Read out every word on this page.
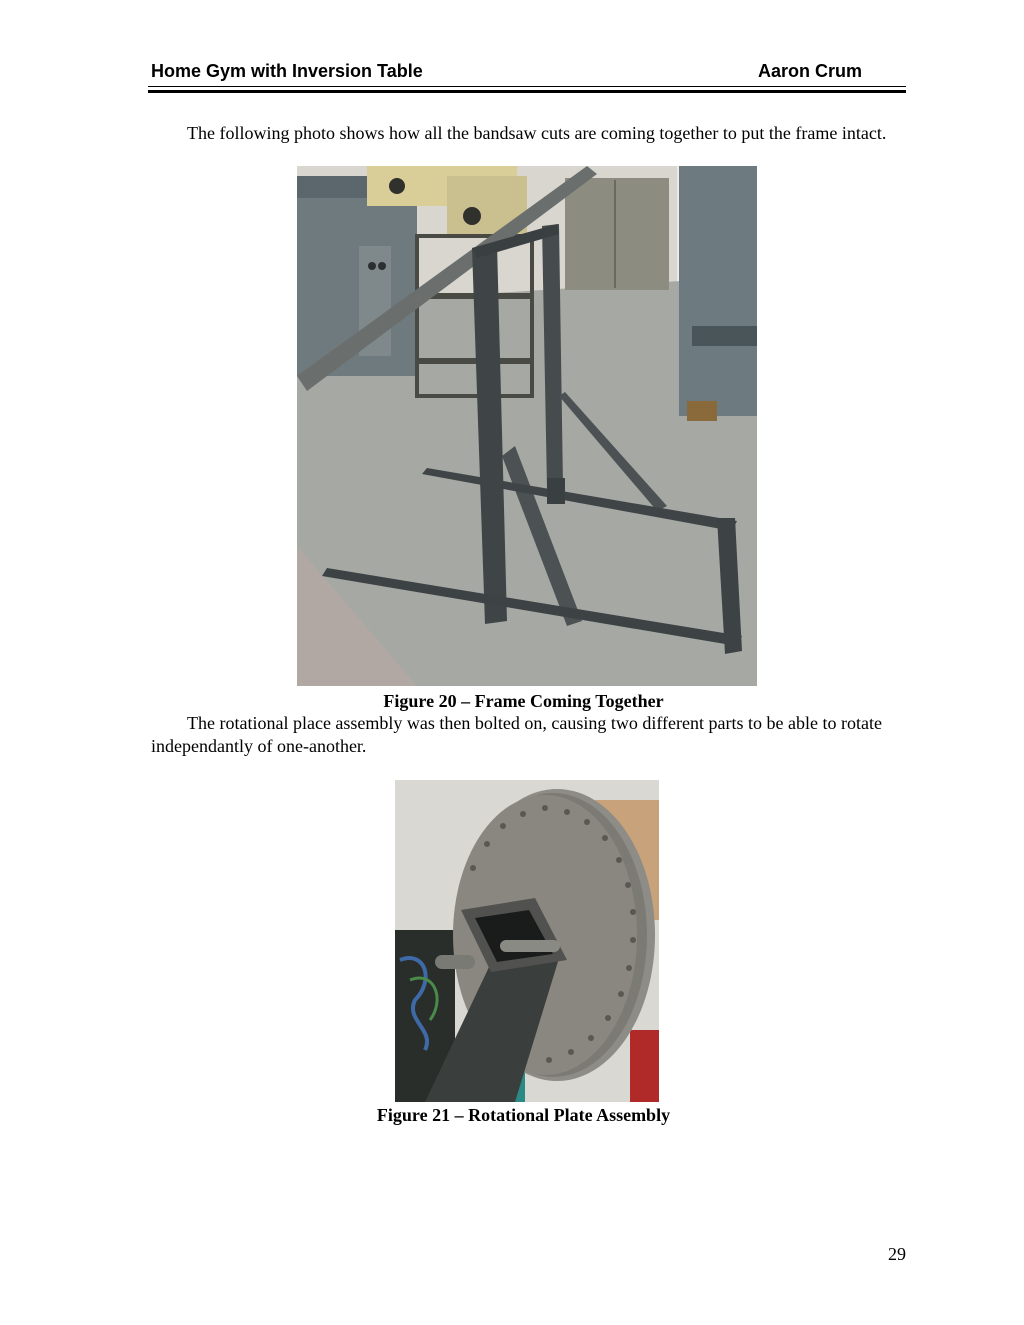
Home Gym with Inversion Table	Aaron Crum
The following photo shows how all the bandsaw cuts are coming together to put the frame intact.
Figure 20 – Frame Coming Together
The rotational place assembly was then bolted on, causing two different parts to be able to rotate independantly of one-another.
Figure 21 – Rotational Plate Assembly
29
